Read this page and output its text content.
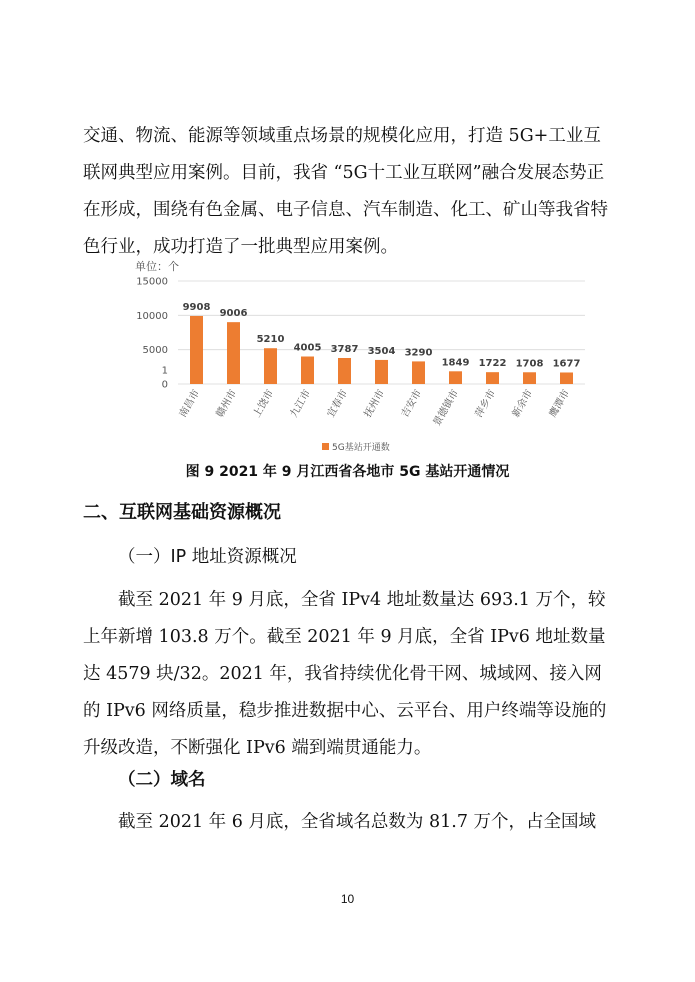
交通、物流、能源等领域重点场景的规模化应用，打造 5G+工业互联网典型应用案例。目前，我省 “5G十工业互联网”融合发展态势正在形成，围绕有色金属、电子信息、汽车制造、化工、矿山等我省特色行业，成功打造了一批典型应用案例。

单位：个
15000
10000
5000
1
0
9908
9006
5210
4005 3787 3504 3290
1849 1722 1708 1677
南昌市 赣州市 上饶市 九江市 宜春市 抚州市 吉安市 景德镇市 萍乡市 新余市 鹰潭市
5G基站开通数
图 9 2021 年 9 月江西省各地市 5G 基站开通情况
二、互联网基础资源概况
（一）IP 地址资源概况

截至 2021 年 9 月底，全省 IPv4 地址数量达 693.1 万个，较上年新增 103.8 万个。截至 2021 年 9 月底，全省 IPv6 地址数量达 4579 块/32。2021 年，我省持续优化骨干网、城域网、接入网的 IPv6 网络质量，稳步推进数据中心、云平台、用户终端等设施的升级改造，不断强化 IPv6 端到端贯通能力。

（二）域名

截至 2021 年 6 月底，全省域名总数为 81.7 万个，占全国域

10
